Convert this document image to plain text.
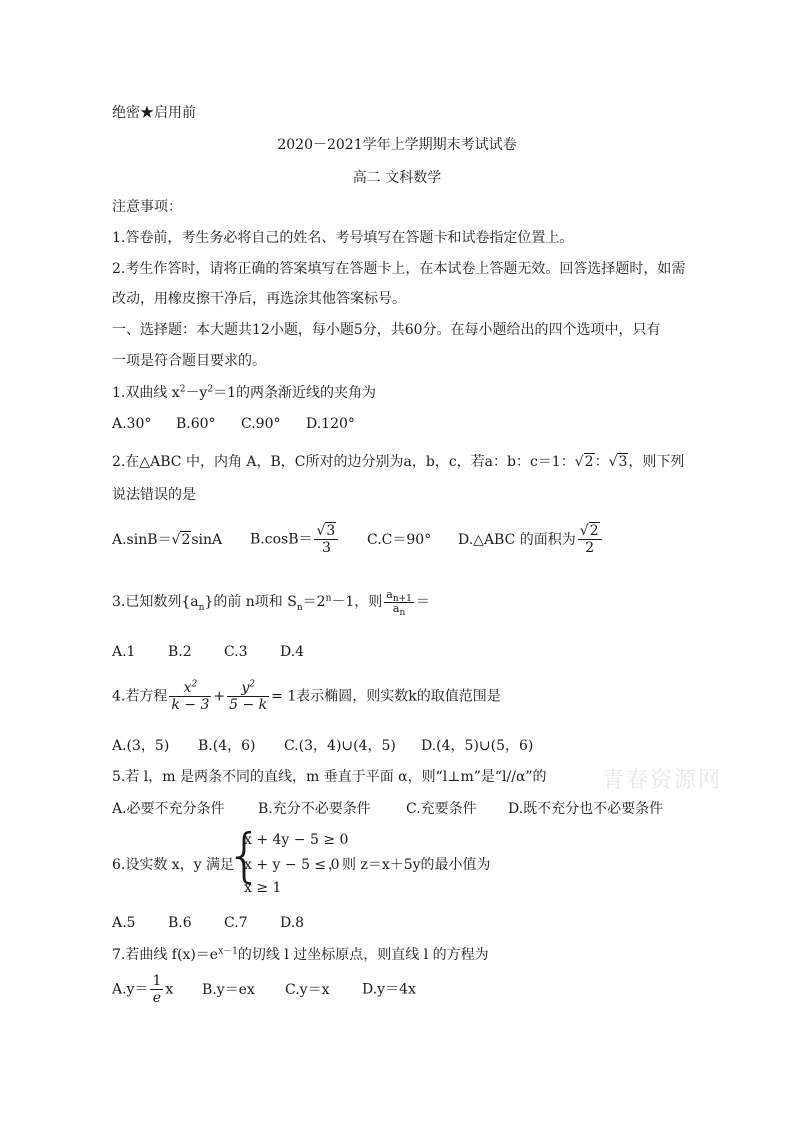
绝密★启用前
2020－2021学年上学期期末考试试卷
高二 文科数学
注意事项：
1.答卷前，考生务必将自己的姓名、考号填写在答题卡和试卷指定位置上。
2.考生作答时，请将正确的答案填写在答题卡上，在本试卷上答题无效。回答选择题时，如需
改动，用橡皮擦干净后，再选涂其他答案标号。
一、选择题：本大题共12小题，每小题5分，共60分。在每小题给出的四个选项中，只有
一项是符合题目要求的。
1.双曲线 $x^2-y^2=1$的两条渐近线的夹角为
A.30° B.60° C.90° D.120°
2.在△ABC 中，内角 A，B，C所对的边分别为a，b，c，若a：b：c＝1：√2：√3，则下列
说法错误的是
A.sinB＝√2sinA $B.\cos B= \frac{√3}{3} C.C=90^\circ$ D.△ABC 的面积为 $\frac{√2}{2}$
3.已知数列$\{a_n\}$的前 n项和 $S_n=2^n-1$，则 $\frac{a_{n+1}}{a_n}$ ＝
A.1 B.2 C.3 D.4
4.若方程 $\frac{x^2}{k - 3} + \frac{y^2}{5 - k} = 1$表示椭圆，则实数k的取值范围是
A.(3，5) B.(4，6) C.(3，4)∪(4，5) D.(4，5)∪(5，6)
5.若 l，m 是两条不同的直线，m 垂直于平面 α，则“l⊥m”是“l//α”的	青春资源网
A.必要不充分条件 B.充分不必要条件	C.充要条件 D.既不充分也不必要条件
6.设实数 x，y 满足
{
x + 4y − 5 ≥ 0
x + y − 5 ≤ 0
x ≥ 1
，则 z＝x＋5y的最小值为
A.5 B.6 C.7 D.8
7.若曲线 $f(x)=e^{x-1}$的切线 l 过坐标原点，则直线 l 的方程为
$A.y= \frac{1}{e}$ x B.y＝ex C.y＝x D.y＝4x
